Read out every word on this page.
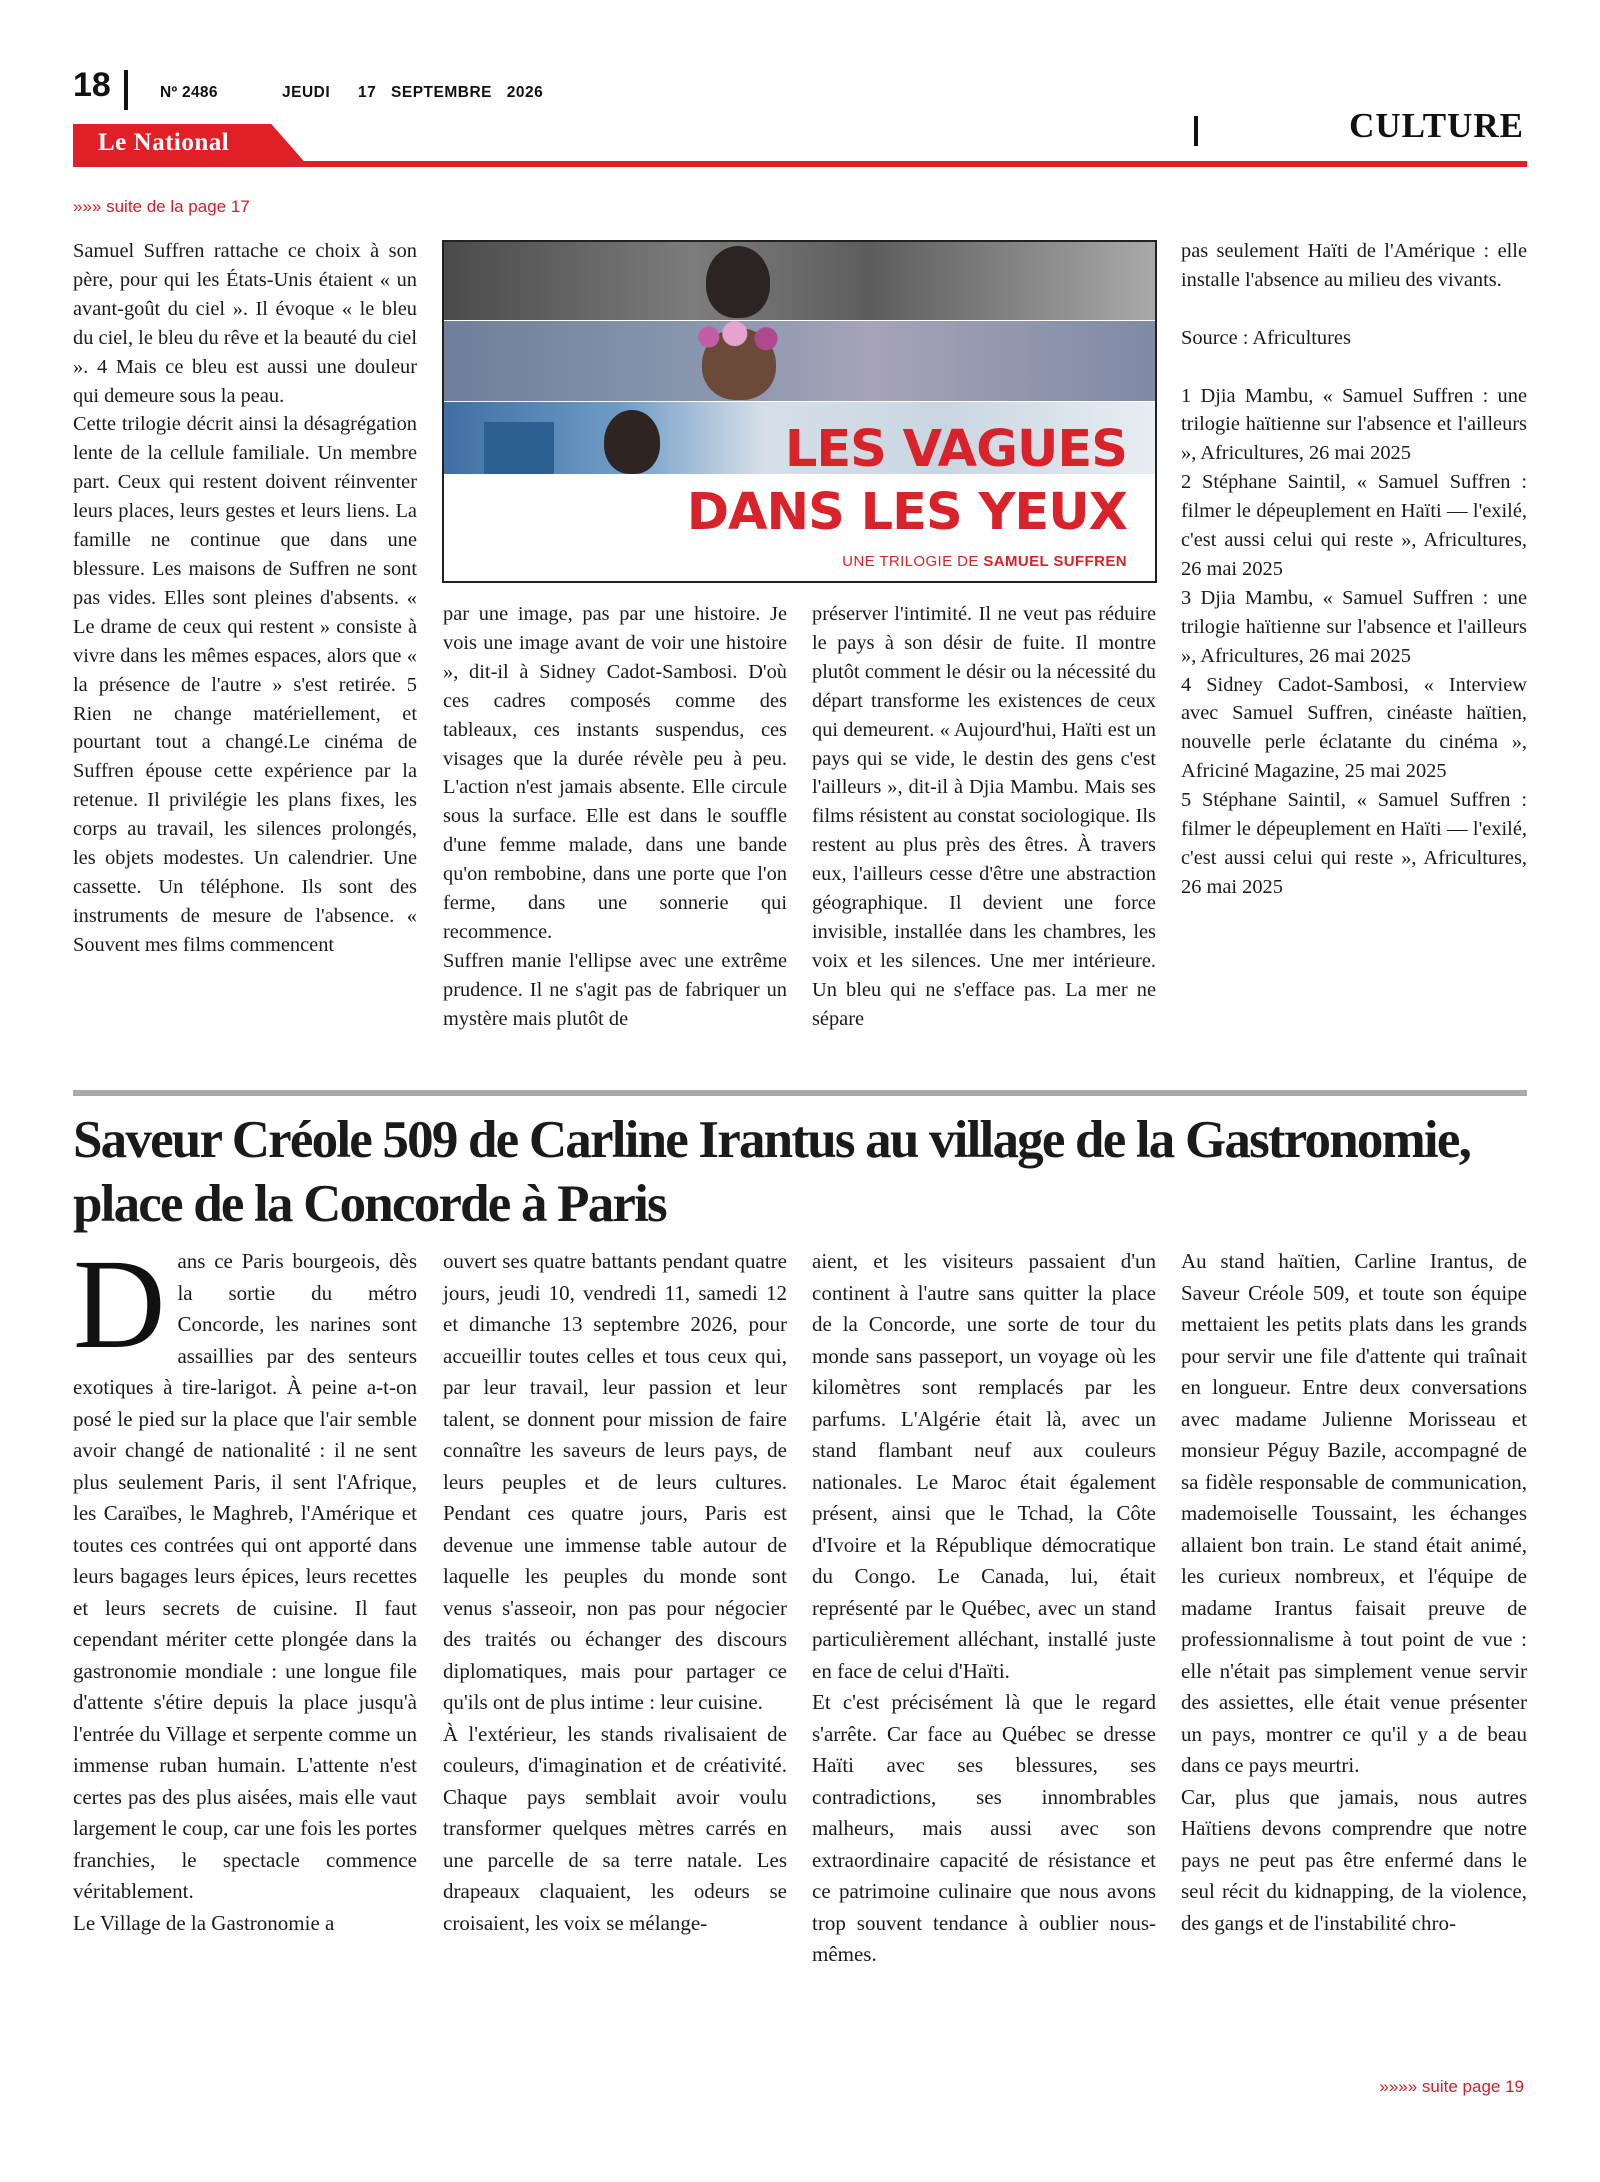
18	Nº 2486	JEUDI 17 SEPTEMBRE 2026
CULTURE
Le National
»»» suite de la page 17

Samuel Suffren rattache ce choix à son père, pour qui les États-Unis étaient « un avant-goût du ciel ». Il évoque « le bleu du ciel, le bleu du rêve et la beauté du ciel ». 4 Mais ce bleu est aussi une douleur qui demeure sous la peau.

Cette trilogie décrit ainsi la désagrégation lente de la cellule familiale. Un membre part. Ceux qui restent doivent réinventer leurs places, leurs gestes et leurs liens. La famille ne continue que dans une blessure. Les maisons de Suffren ne sont pas vides. Elles sont pleines d'absents. « Le drame de ceux qui restent » consiste à vivre dans les mêmes espaces, alors que « la présence de l'autre » s'est retirée. 5 Rien ne change matériellement, et pourtant tout a changé.Le cinéma de Suffren épouse cette expérience par la retenue. Il privilégie les plans fixes, les corps au travail, les silences prolongés, les objets modestes. Un calendrier. Une cassette. Un téléphone. Ils sont des instruments de mesure de l'absence. « Souvent mes films commencent

LES VAGUES
DANS LES YEUX
UNE TRILOGIE DE SAMUEL SUFFREN

par une image, pas par une histoire. Je vois une image avant de voir une histoire », dit-il à Sidney Cadot-Sambosi. D'où ces cadres composés comme des tableaux, ces instants suspendus, ces visages que la durée révèle peu à peu. L'action n'est jamais absente. Elle circule sous la surface. Elle est dans le souffle d'une femme malade, dans une bande qu'on rembobine, dans une porte que l'on ferme, dans une sonnerie qui recommence.

Suffren manie l'ellipse avec une extrême prudence. Il ne s'agit pas de fabriquer un mystère mais plutôt de

préserver l'intimité. Il ne veut pas réduire le pays à son désir de fuite. Il montre plutôt comment le désir ou la nécessité du départ transforme les existences de ceux qui demeurent. « Aujourd'hui, Haïti est un pays qui se vide, le destin des gens c'est l'ailleurs », dit-il à Djia Mambu. Mais ses films résistent au constat sociologique. Ils restent au plus près des êtres. À travers eux, l'ailleurs cesse d'être une abstraction géographique. Il devient une force invisible, installée dans les chambres, les voix et les silences. Une mer intérieure. Un bleu qui ne s'efface pas. La mer ne sépare

pas seulement Haïti de l'Amérique : elle installe l'absence au milieu des vivants.

Source : Africultures

1 Djia Mambu, « Samuel Suffren : une trilogie haïtienne sur l'absence et l'ailleurs », Africultures, 26 mai 2025

2 Stéphane Saintil, « Samuel Suffren : filmer le dépeuplement en Haïti — l'exilé, c'est aussi celui qui reste », Africultures, 26 mai 2025

3 Djia Mambu, « Samuel Suffren : une trilogie haïtienne sur l'absence et l'ailleurs », Africultures, 26 mai 2025

4 Sidney Cadot-Sambosi, « Interview avec Samuel Suffren, cinéaste haïtien, nouvelle perle éclatante du cinéma », Africiné Magazine, 25 mai 2025

5 Stéphane Saintil, « Samuel Suffren : filmer le dépeuplement en Haïti — l'exilé, c'est aussi celui qui reste », Africultures, 26 mai 2025

Saveur Créole 509 de Carline Irantus au village de la Gastronomie, place de la Concorde à Paris

Dans ce Paris bourgeois, dès la sortie du métro Concorde, les narines sont assaillies par des senteurs exotiques à tire-larigot. À peine a-t-on posé le pied sur la place que l'air semble avoir changé de nationalité : il ne sent plus seulement Paris, il sent l'Afrique, les Caraïbes, le Maghreb, l'Amérique et toutes ces contrées qui ont apporté dans leurs bagages leurs épices, leurs recettes et leurs secrets de cuisine. Il faut cependant mériter cette plongée dans la gastronomie mondiale : une longue file d'attente s'étire depuis la place jusqu'à l'entrée du Village et serpente comme un immense ruban humain. L'attente n'est certes pas des plus aisées, mais elle vaut largement le coup, car une fois les portes franchies, le spectacle commence véritablement.

Le Village de la Gastronomie a

ouvert ses quatre battants pendant quatre jours, jeudi 10, vendredi 11, samedi 12 et dimanche 13 septembre 2026, pour accueillir toutes celles et tous ceux qui, par leur travail, leur passion et leur talent, se donnent pour mission de faire connaître les saveurs de leurs pays, de leurs peuples et de leurs cultures. Pendant ces quatre jours, Paris est devenue une immense table autour de laquelle les peuples du monde sont venus s'asseoir, non pas pour négocier des traités ou échanger des discours diplomatiques, mais pour partager ce qu'ils ont de plus intime : leur cuisine.

À l'extérieur, les stands rivalisaient de couleurs, d'imagination et de créativité. Chaque pays semblait avoir voulu transformer quelques mètres carrés en une parcelle de sa terre natale. Les drapeaux claquaient, les odeurs se croisaient, les voix se mélange-

aient, et les visiteurs passaient d'un continent à l'autre sans quitter la place de la Concorde, une sorte de tour du monde sans passeport, un voyage où les kilomètres sont remplacés par les parfums. L'Algérie était là, avec un stand flambant neuf aux couleurs nationales. Le Maroc était également présent, ainsi que le Tchad, la Côte d'Ivoire et la République démocratique du Congo. Le Canada, lui, était représenté par le Québec, avec un stand particulièrement alléchant, installé juste en face de celui d'Haïti.

Et c'est précisément là que le regard s'arrête. Car face au Québec se dresse Haïti avec ses blessures, ses contradictions, ses innombrables malheurs, mais aussi avec son extraordinaire capacité de résistance et ce patrimoine culinaire que nous avons trop souvent tendance à oublier nous-mêmes.

Au stand haïtien, Carline Irantus, de Saveur Créole 509, et toute son équipe mettaient les petits plats dans les grands pour servir une file d'attente qui traînait en longueur. Entre deux conversations avec madame Julienne Morisseau et monsieur Péguy Bazile, accompagné de sa fidèle responsable de communication, mademoiselle Toussaint, les échanges allaient bon train. Le stand était animé, les curieux nombreux, et l'équipe de madame Irantus faisait preuve de professionnalisme à tout point de vue : elle n'était pas simplement venue servir des assiettes, elle était venue présenter un pays, montrer ce qu'il y a de beau dans ce pays meurtri.

Car, plus que jamais, nous autres Haïtiens devons comprendre que notre pays ne peut pas être enfermé dans le seul récit du kidnapping, de la violence, des gangs et de l'instabilité chro-

»»»» suite page 19
